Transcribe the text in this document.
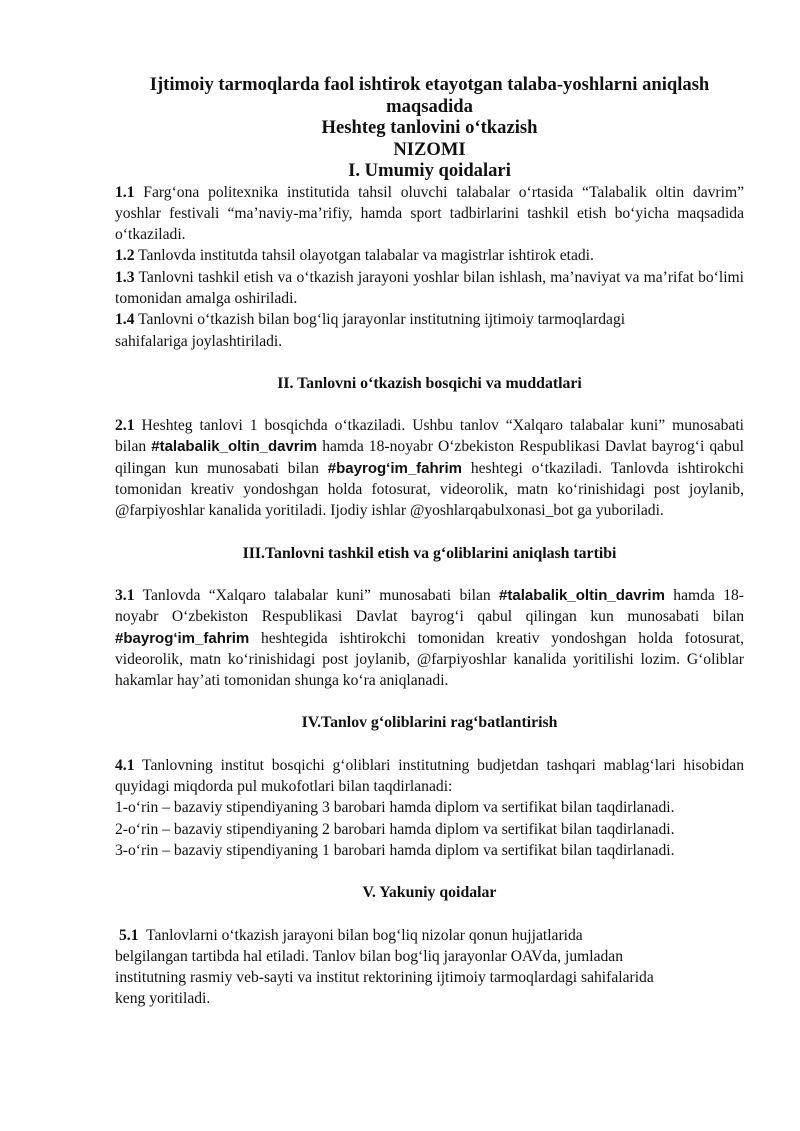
Ijtimoiy tarmoqlarda faol ishtirok etayotgan talaba-yoshlarni aniqlash
maqsadida
Heshteg tanlovini o‘tkazish
NIZOMI
I. Umumiy qoidalari

1.1 Farg‘ona politexnika institutida tahsil oluvchi talabalar o‘rtasida “Talabalik oltin davrim” yoshlar festivali “ma’naviy-ma’rifiy, hamda sport tadbirlarini tashkil etish bo‘yicha maqsadida o‘tkaziladi.

1.2 Tanlovda institutda tahsil olayotgan talabalar va magistrlar ishtirok etadi.

1.3 Tanlovni tashkil etish va o‘tkazish jarayoni yoshlar bilan ishlash, ma’naviyat va ma’rifat bo‘limi tomonidan amalga oshiriladi.

1.4 Tanlovni o‘tkazish bilan bog‘liq jarayonlar institutning ijtimoiy tarmoqlardagi
sahifalariga joylashtiriladi.

II. Tanlovni o‘tkazish bosqichi va muddatlari

2.1 Heshteg tanlovi 1 bosqichda o‘tkaziladi. Ushbu tanlov “Xalqaro talabalar kuni” munosabati bilan #talabalik_oltin_davrim hamda 18-noyabr O‘zbekiston Respublikasi Davlat bayrog‘i qabul qilingan kun munosabati bilan #bayrog‘im_fahrim heshtegi o‘tkaziladi. Tanlovda ishtirokchi tomonidan kreativ yondoshgan holda fotosurat, videorolik, matn ko‘rinishidagi post joylanib, @farpiyoshlar kanalida yoritiladi. Ijodiy ishlar @yoshlarqabulxonasi_bot ga yuboriladi.

III.Tanlovni tashkil etish va g‘oliblarini aniqlash tartibi

3.1 Tanlovda “Xalqaro talabalar kuni” munosabati bilan #talabalik_oltin_davrim hamda 18-noyabr O‘zbekiston Respublikasi Davlat bayrog‘i qabul qilingan kun munosabati bilan #bayrog‘im_fahrim heshtegida ishtirokchi tomonidan kreativ yondoshgan holda fotosurat, videorolik, matn ko‘rinishidagi post joylanib, @farpiyoshlar kanalida yoritilishi lozim. G‘oliblar hakamlar hay’ati tomonidan shunga ko‘ra aniqlanadi.

IV.Tanlov g‘oliblarini rag‘batlantirish

4.1 Tanlovning institut bosqichi g‘oliblari institutning budjetdan tashqari mablag‘lari hisobidan quyidagi miqdorda pul mukofotlari bilan taqdirlanadi:

1-o‘rin – bazaviy stipendiyaning 3 barobari hamda diplom va sertifikat bilan taqdirlanadi.

2-o‘rin – bazaviy stipendiyaning 2 barobari hamda diplom va sertifikat bilan taqdirlanadi.

3-o‘rin – bazaviy stipendiyaning 1 barobari hamda diplom va sertifikat bilan taqdirlanadi.

V. Yakuniy qoidalar

5.1 Tanlovlarni o‘tkazish jarayoni bilan bog‘liq nizolar qonun hujjatlarida
belgilangan tartibda hal etiladi. Tanlov bilan bog‘liq jarayonlar OAVda, jumladan
institutning rasmiy veb-sayti va institut rektorining ijtimoiy tarmoqlardagi sahifalarida
keng yoritiladi.
